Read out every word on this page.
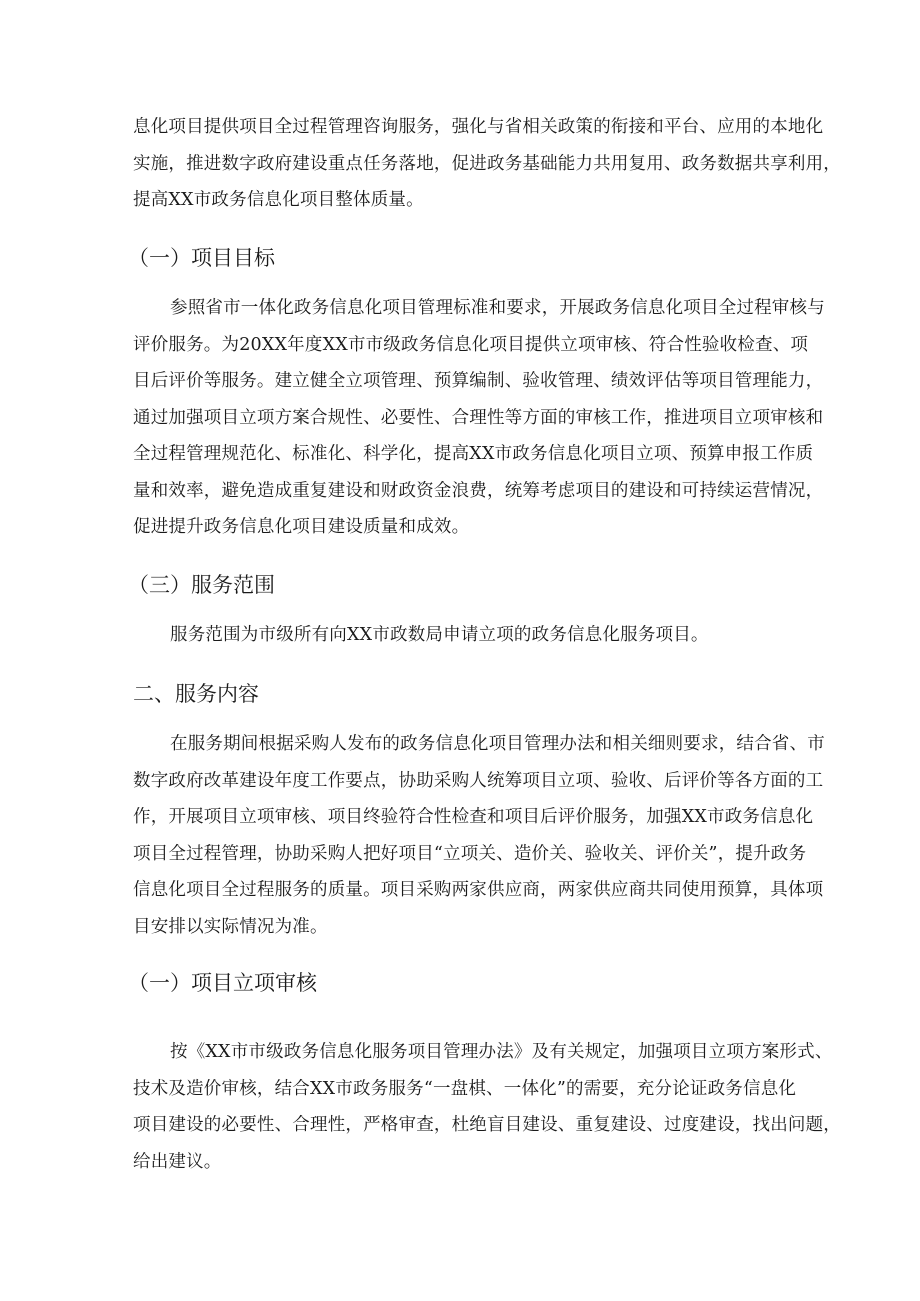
息化项目提供项目全过程管理咨询服务，强化与省相关政策的衔接和平台、应用的本地化

实施，推进数字政府建设重点任务落地，促进政务基础能力共用复用、政务数据共享利用，

提高XX市政务信息化项目整体质量。

（一）项目目标

参照省市一体化政务信息化项目管理标准和要求，开展政务信息化项目全过程审核与

评价服务。为20XX年度XX市市级政务信息化项目提供立项审核、符合性验收检查、项

目后评价等服务。建立健全立项管理、预算编制、验收管理、绩效评估等项目管理能力，

通过加强项目立项方案合规性、必要性、合理性等方面的审核工作，推进项目立项审核和

全过程管理规范化、标准化、科学化，提高XX市政务信息化项目立项、预算申报工作质

量和效率，避免造成重复建设和财政资金浪费，统筹考虑项目的建设和可持续运营情况，

促进提升政务信息化项目建设质量和成效。

（三）服务范围

服务范围为市级所有向XX市政数局申请立项的政务信息化服务项目。

二、服务内容

在服务期间根据采购人发布的政务信息化项目管理办法和相关细则要求，结合省、市

数字政府改革建设年度工作要点，协助采购人统筹项目立项、验收、后评价等各方面的工

作，开展项目立项审核、项目终验符合性检查和项目后评价服务，加强XX市政务信息化

项目全过程管理，协助采购人把好项目“立项关、造价关、验收关、评价关”，提升政务

信息化项目全过程服务的质量。项目采购两家供应商，两家供应商共同使用预算，具体项

目安排以实际情况为准。

（一）项目立项审核

按《XX市市级政务信息化服务项目管理办法》及有关规定，加强项目立项方案形式、

技术及造价审核，结合XX市政务服务“一盘棋、一体化”的需要，充分论证政务信息化

项目建设的必要性、合理性，严格审查，杜绝盲目建设、重复建设、过度建设，找出问题，

给出建议。
